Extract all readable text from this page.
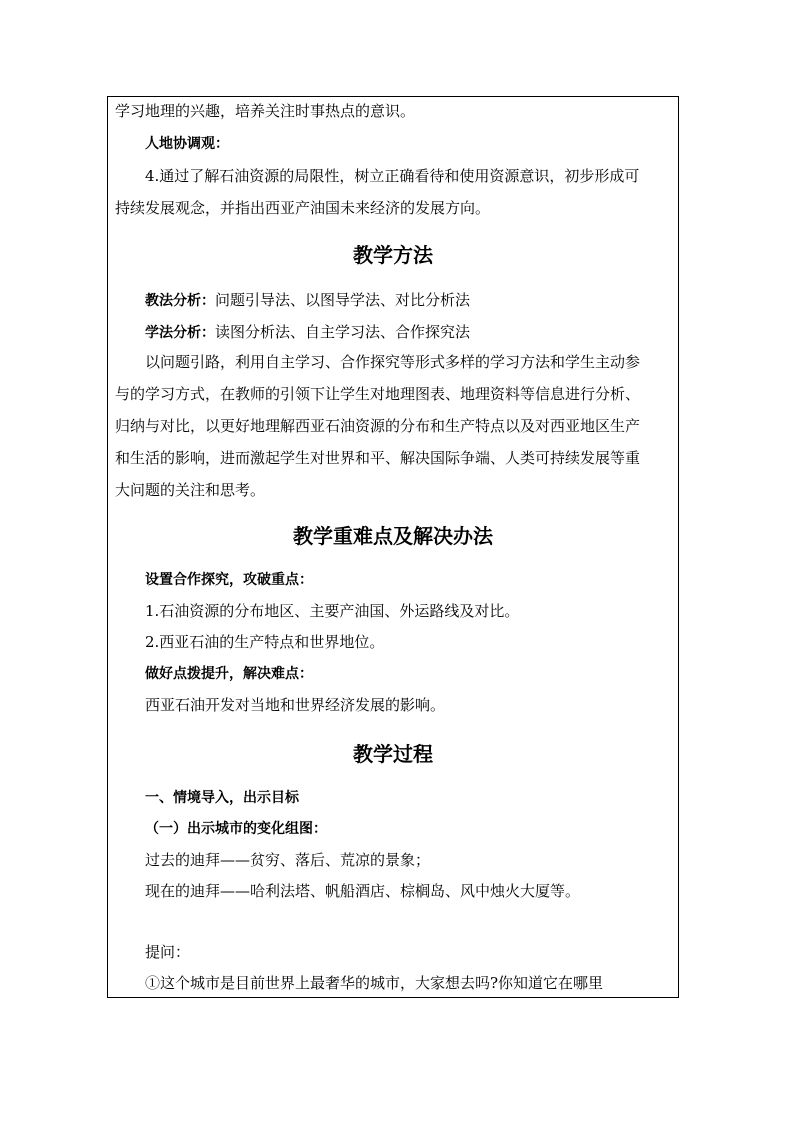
学习地理的兴趣，培养关注时事热点的意识。
人地协调观：
4.通过了解石油资源的局限性，树立正确看待和使用资源意识，初步形成可
持续发展观念，并指出西亚产油国未来经济的发展方向。
教学方法
教法分析：问题引导法、以图导学法、对比分析法
学法分析：读图分析法、自主学习法、合作探究法
以问题引路，利用自主学习、合作探究等形式多样的学习方法和学生主动参
与的学习方式，在教师的引领下让学生对地理图表、地理资料等信息进行分析、
归纳与对比，以更好地理解西亚石油资源的分布和生产特点以及对西亚地区生产
和生活的影响，进而激起学生对世界和平、解决国际争端、人类可持续发展等重
大问题的关注和思考。
教学重难点及解决办法
设置合作探究，攻破重点：
1.石油资源的分布地区、主要产油国、外运路线及对比。
2.西亚石油的生产特点和世界地位。
做好点拨提升，解决难点：
西亚石油开发对当地和世界经济发展的影响。
教学过程
一、情境导入，出示目标
（一）出示城市的变化组图：
过去的迪拜——贫穷、落后、荒凉的景象；
现在的迪拜——哈利法塔、帆船酒店、棕榈岛、风中烛火大厦等。
提问：
①这个城市是目前世界上最奢华的城市，大家想去吗?你知道它在哪里
